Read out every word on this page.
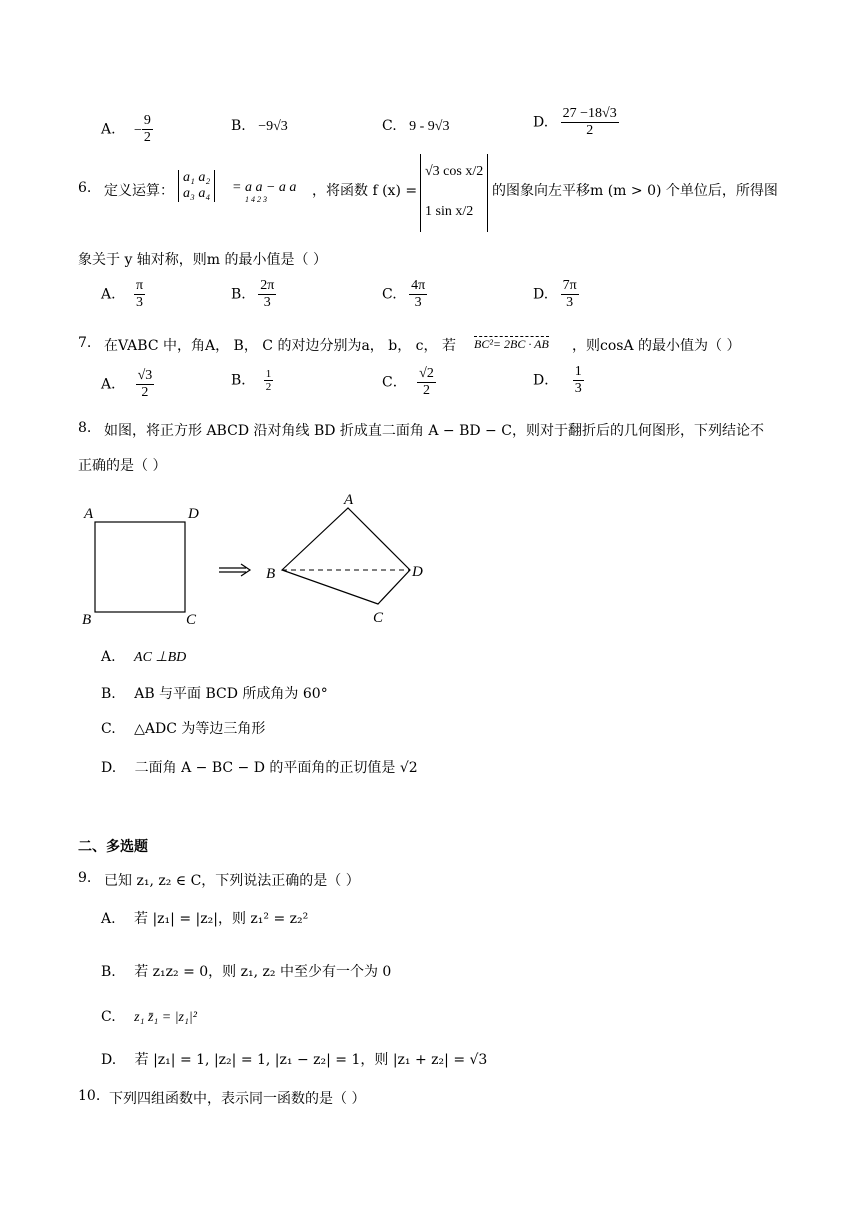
A. − $\frac{9}{2}$	B. −9√3	C. 9 - 9√3	D. $\frac{27 -18√3}{2}$
6. 定义运算：
a₁ a₂
a₃ a₄ = a a − a a
1 4 2 3
，将函数 f (x) =
√3 cos x/2
1 sin x/2
的图象向左平移m (m > 0) 个单位后，所得图
象关于 y 轴对称，则m 的最小值是（ ）
A. $\frac{\pi}{3}$	B. $\frac{2\pi}{3}$	C. $\frac{4\pi}{3}$	D. $\frac{7\pi}{3}$
7. 在VABC 中，角A， B， C 的对边分别为a， b， c， 若 BC²= 2BC · AB ，则cosA 的最小值为（ ）
A． $\frac{√3}{2}$	B． $\frac{1}{2}$	C． $\frac{√2}{2}$	D． $\frac{1}{3}$
8. 如图，将正方形 ABCD 沿对角线 BD 折成直二面角 A − BD − C，则对于翻折后的几何图形，下列结论不
正确的是（ ）
A	D
B	C
A
B	D
C
A. AC ⊥BD
B. AB 与平面 BCD 所成角为 60°
C. △ADC 为等边三角形
D. 二面角 A − BC − D 的平面角的正切值是 √2
二、多选题
9. 已知 z₁, z₂ ∈ C，下列说法正确的是（ ）
A. 若 |z₁| = |z₂|，则 z₁² = z₂²
B. 若 z₁z₂ = 0，则 z₁, z₂ 中至少有一个为 0
C. z₁ z̄₁ = |z₁|²
D. 若 |z₁| = 1, |z₂| = 1, |z₁ − z₂| = 1，则 |z₁ + z₂| = √3
10. 下列四组函数中，表示同一函数的是（ ）
